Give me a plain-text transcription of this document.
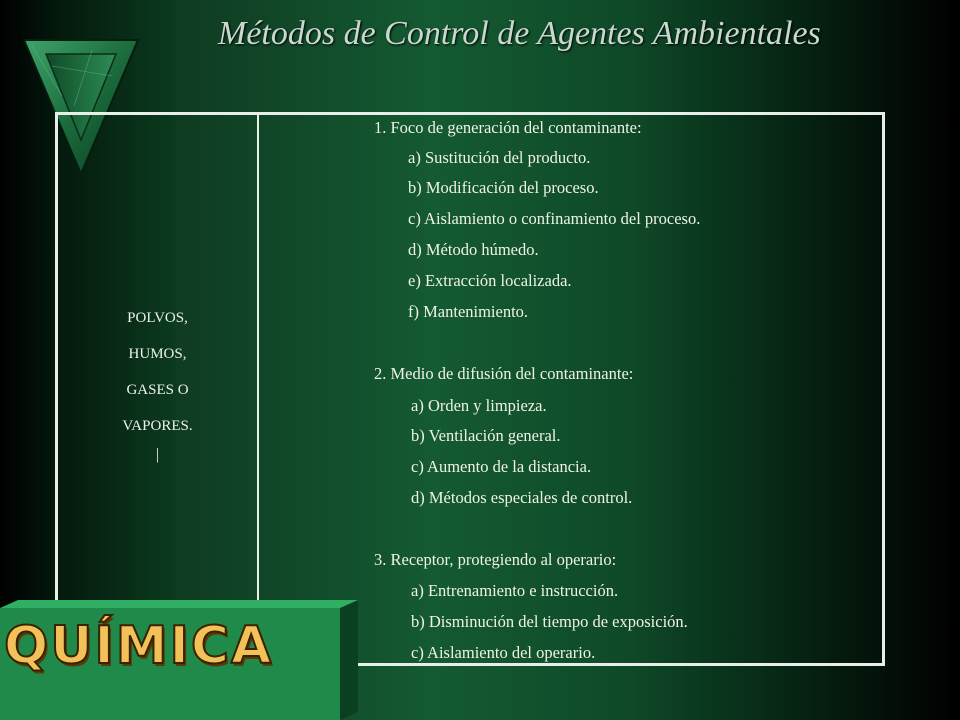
Métodos de Control de Agentes Ambientales
POLVOS,
HUMOS,
GASES O
VAPORES.
|
1. Foco de generación del contaminante:
a) Sustitución del producto.
b) Modificación del proceso.
c) Aislamiento o confinamiento del proceso.
d) Método húmedo.
e) Extracción localizada.
f) Mantenimiento.
2. Medio de difusión del contaminante:
a) Orden y limpieza.
b) Ventilación general.
c) Aumento de la distancia.
d) Métodos especiales de control.
3. Receptor, protegiendo al operario:
a) Entrenamiento e instrucción.
b) Disminución del tiempo de exposición.
c) Aislamiento del operario.
QUÍMICA
